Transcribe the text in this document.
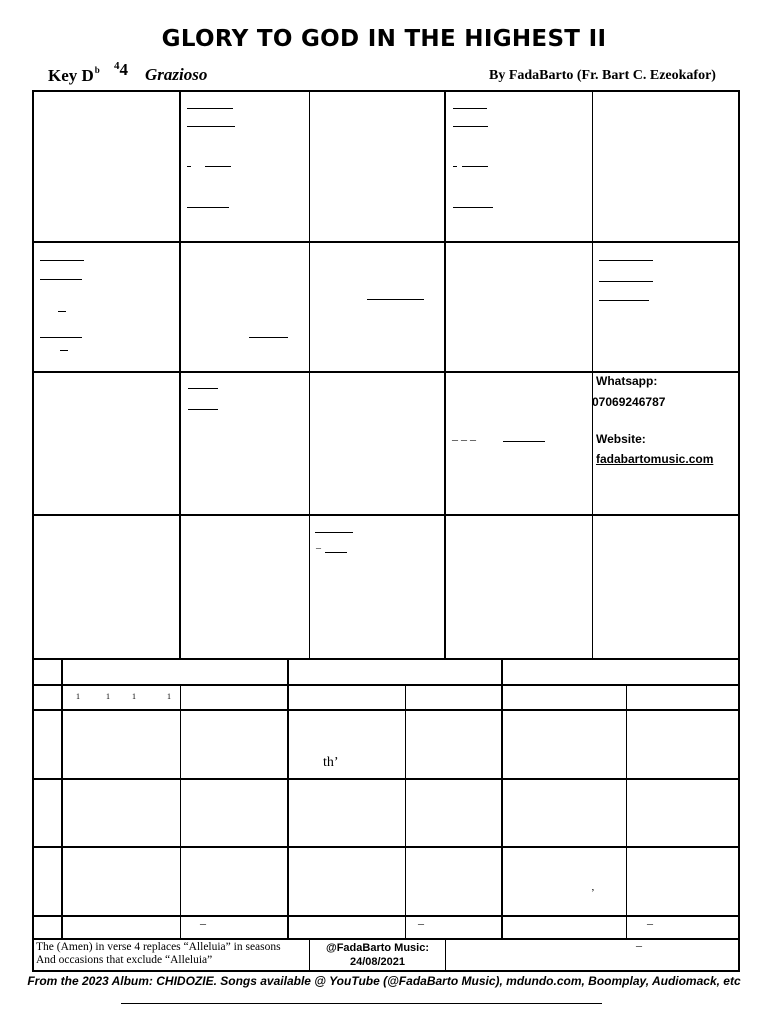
GLORY TO GOD IN THE HIGHEST II
Key $D^b$ $^4$4 Grazioso	By FadaBarto (Fr. Bart C. Ezeokafor)
– – –
Whatsapp:
07069246787
Website:
fadabartomusic.com
–
1	1	1	1
th’
’
–	–	–
The (Amen) in verse 4 replaces “Alleluia” in seasons
And occasions that exclude “Alleluia”
@FadaBarto Music:
24/08/2021
–
From the 2023 Album: CHIDOZIE. Songs available @ YouTube (@FadaBarto Music), mdundo.com, Boomplay, Audiomack, etc
